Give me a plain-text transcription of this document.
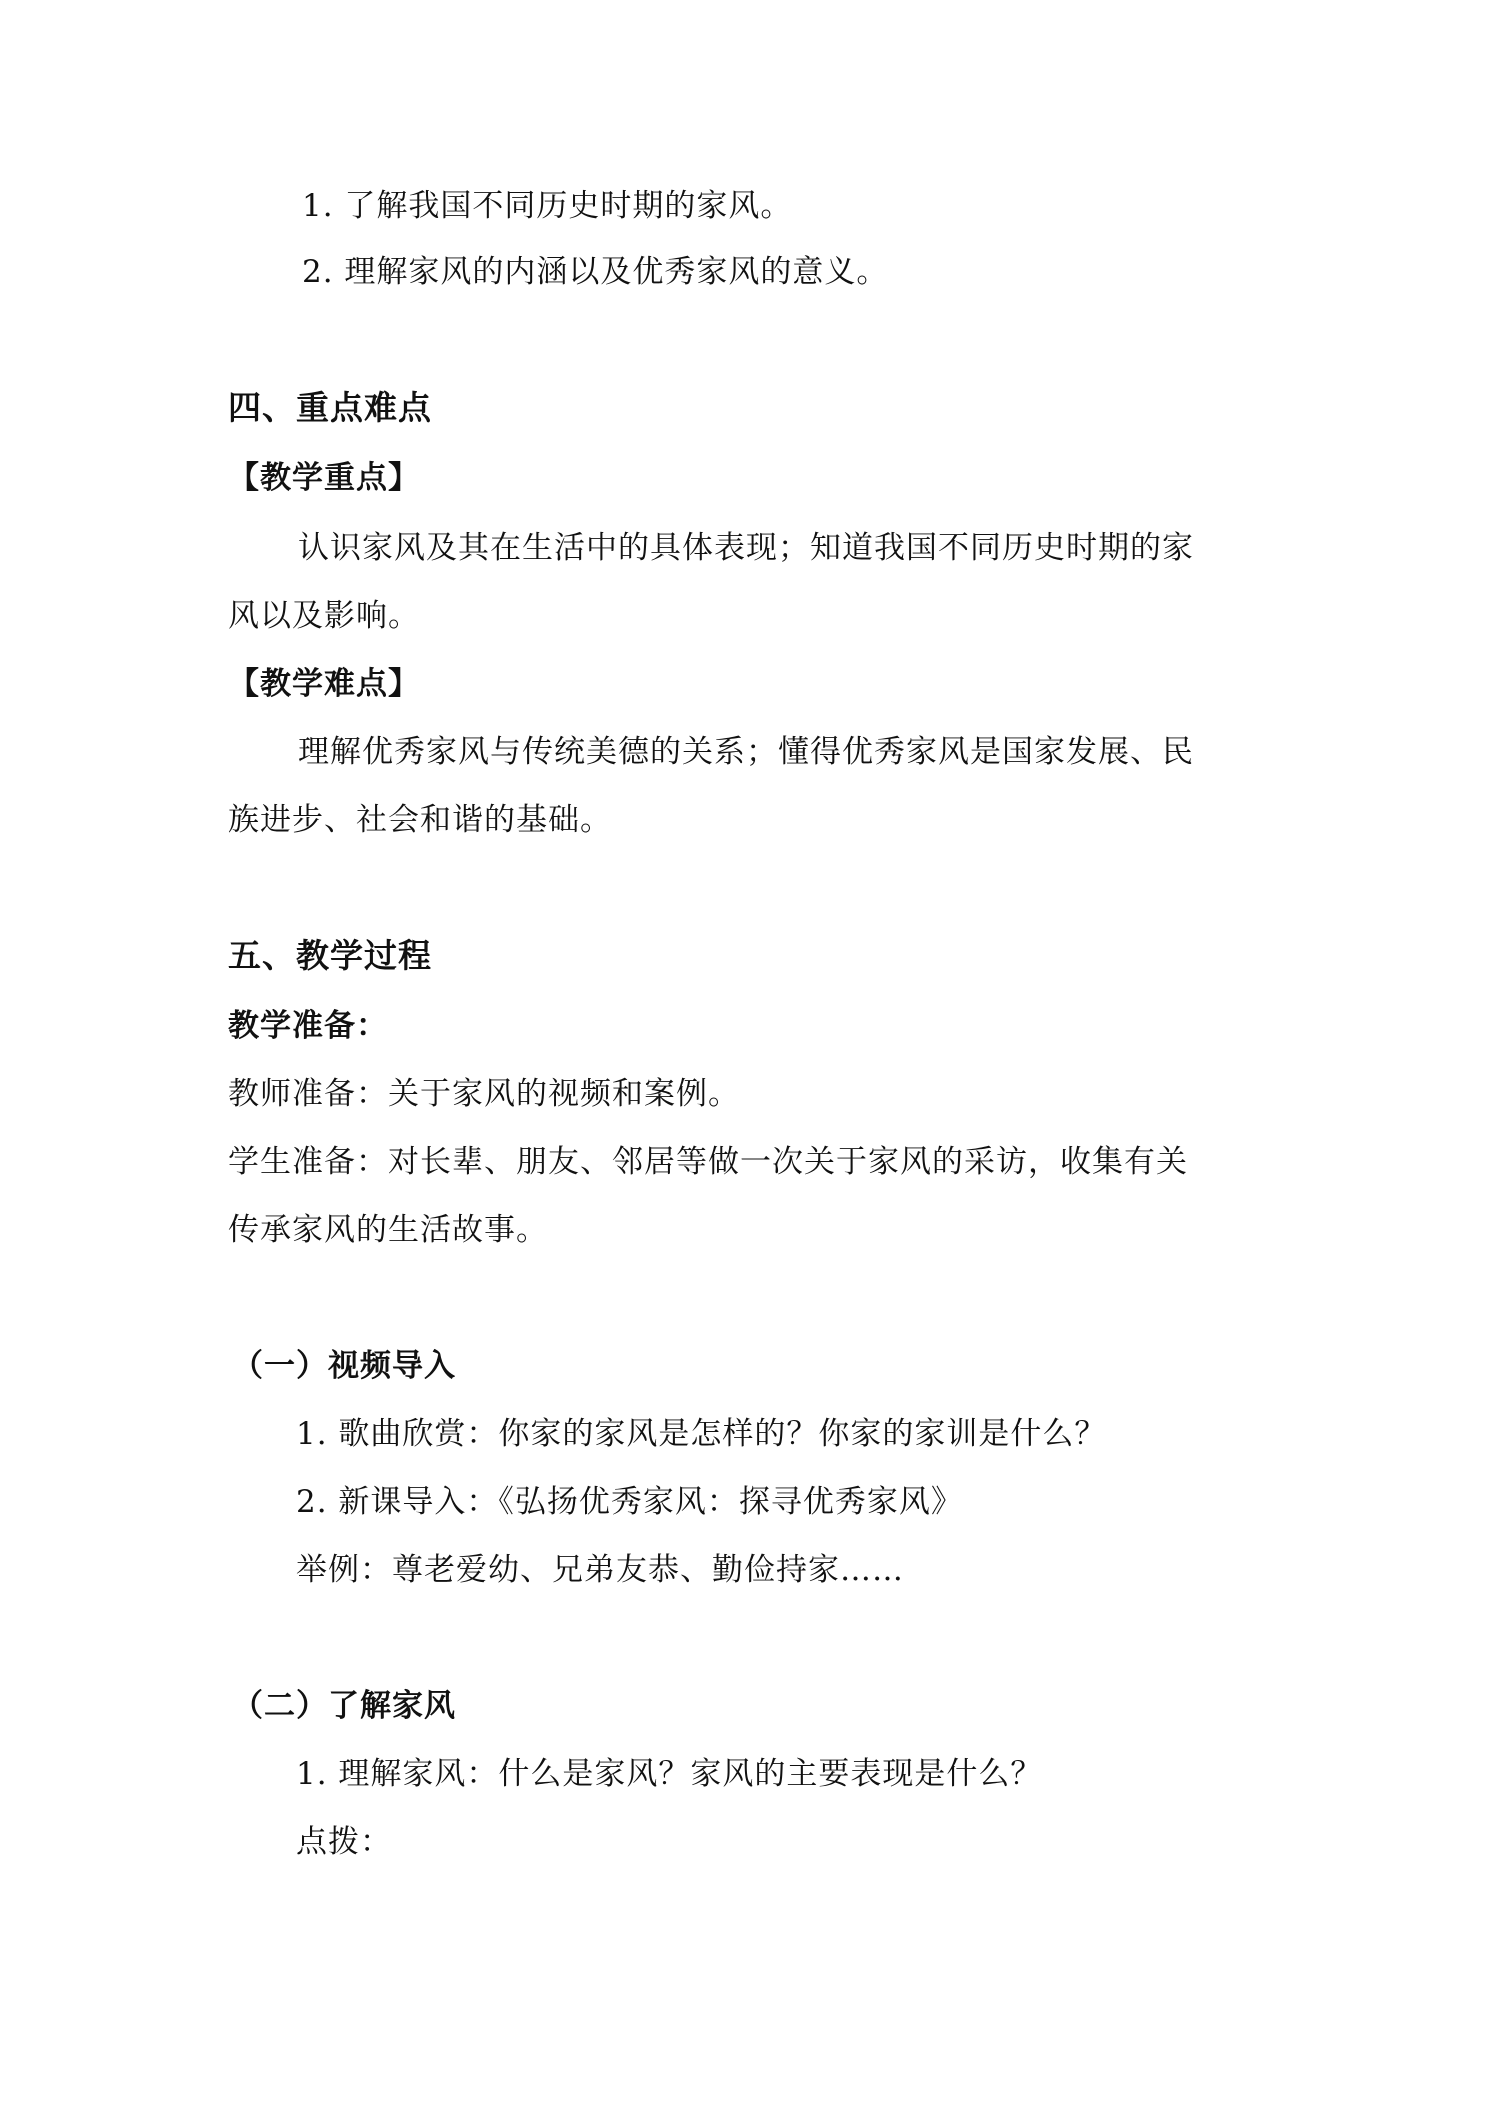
1. 了解我国不同历史时期的家风。
2. 理解家风的内涵以及优秀家风的意义。
四、重点难点
【教学重点】
认识家风及其在生活中的具体表现；知道我国不同历史时期的家
风以及影响。
【教学难点】
理解优秀家风与传统美德的关系；懂得优秀家风是国家发展、民
族进步、社会和谐的基础。
五、教学过程
教学准备：
教师准备：关于家风的视频和案例。
学生准备：对长辈、朋友、邻居等做一次关于家风的采访，收集有关
传承家风的生活故事。
（一）视频导入
1. 歌曲欣赏：你家的家风是怎样的？你家的家训是什么？
2. 新课导入：《弘扬优秀家风：探寻优秀家风》
举例：尊老爱幼、兄弟友恭、勤俭持家……
（二）了解家风
1. 理解家风：什么是家风？家风的主要表现是什么？
点拨：
